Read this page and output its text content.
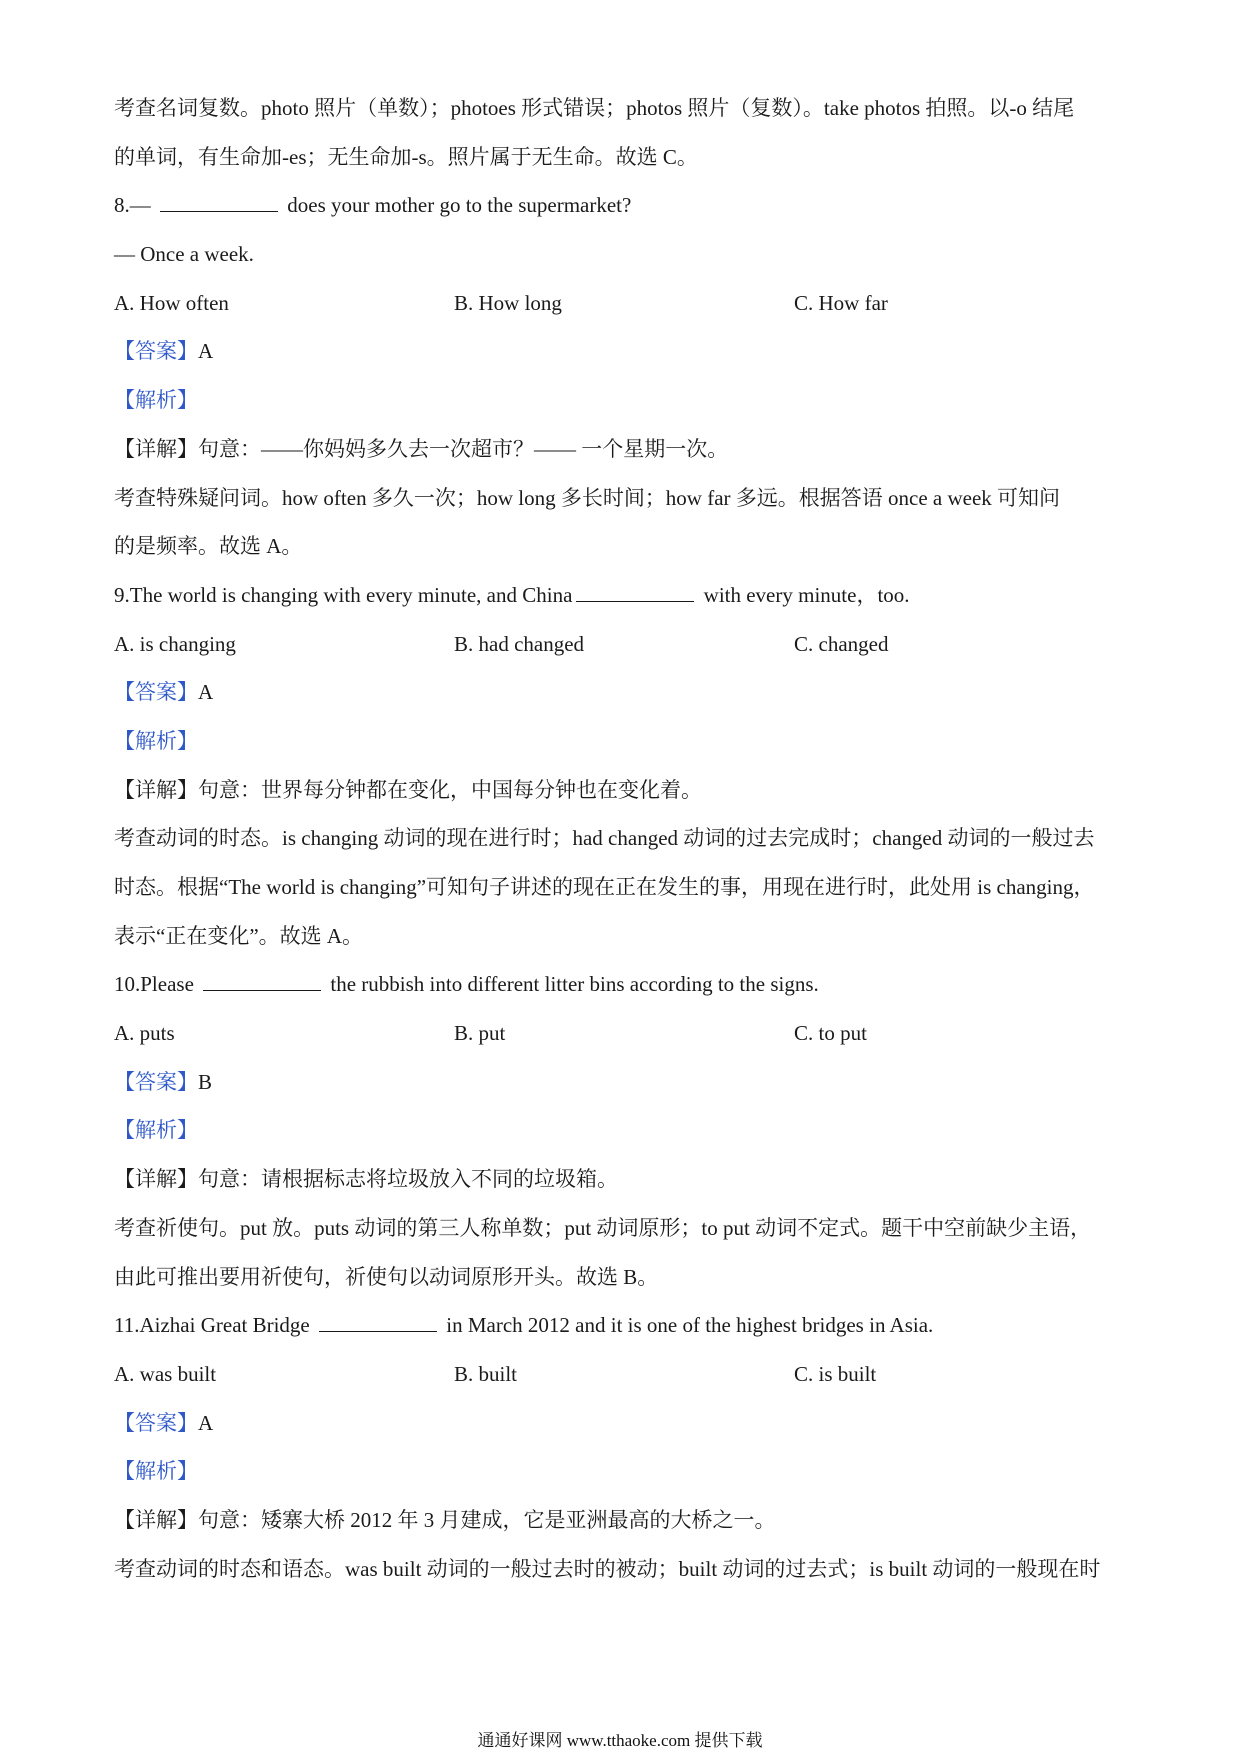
考查名词复数。photo 照片（单数）；photoes 形式错误；photos 照片（复数）。take photos 拍照。以-o 结尾
的单词，有生命加-es；无生命加-s。照片属于无生命。故选 C。
8.—	does your mother go to the supermarket?
— Once a week.
A. How often	B. How long	C. How far
【答案】A
【解析】
【详解】句意：——你妈妈多久去一次超市？—— 一个星期一次。
考查特殊疑问词。how often 多久一次；how long 多长时间；how far 多远。根据答语 once a week 可知问
的是频率。故选 A。
9.The world is changing with every minute, and China	with every minute，too.
A. is changing	B. had changed	C. changed
【答案】A
【解析】
【详解】句意：世界每分钟都在变化，中国每分钟也在变化着。
考查动词的时态。is changing 动词的现在进行时；had changed 动词的过去完成时；changed 动词的一般过去
时态。根据“The world is changing”可知句子讲述的现在正在发生的事，用现在进行时，此处用 is changing，
表示“正在变化”。故选 A。
10.Please	the rubbish into different litter bins according to the signs.
A. puts	B. put	C. to put
【答案】B
【解析】
【详解】句意：请根据标志将垃圾放入不同的垃圾箱。
考查祈使句。put 放。puts 动词的第三人称单数；put 动词原形；to put 动词不定式。题干中空前缺少主语，
由此可推出要用祈使句，祈使句以动词原形开头。故选 B。
11.Aizhai Great Bridge	in March 2012 and it is one of the highest bridges in Asia.
A. was built	B. built	C. is built
【答案】A
【解析】
【详解】句意：矮寨大桥 2012 年 3 月建成，它是亚洲最高的大桥之一。
考查动词的时态和语态。was built 动词的一般过去时的被动；built 动词的过去式；is built 动词的一般现在时
通通好课网 www.tthaoke.com 提供下载
